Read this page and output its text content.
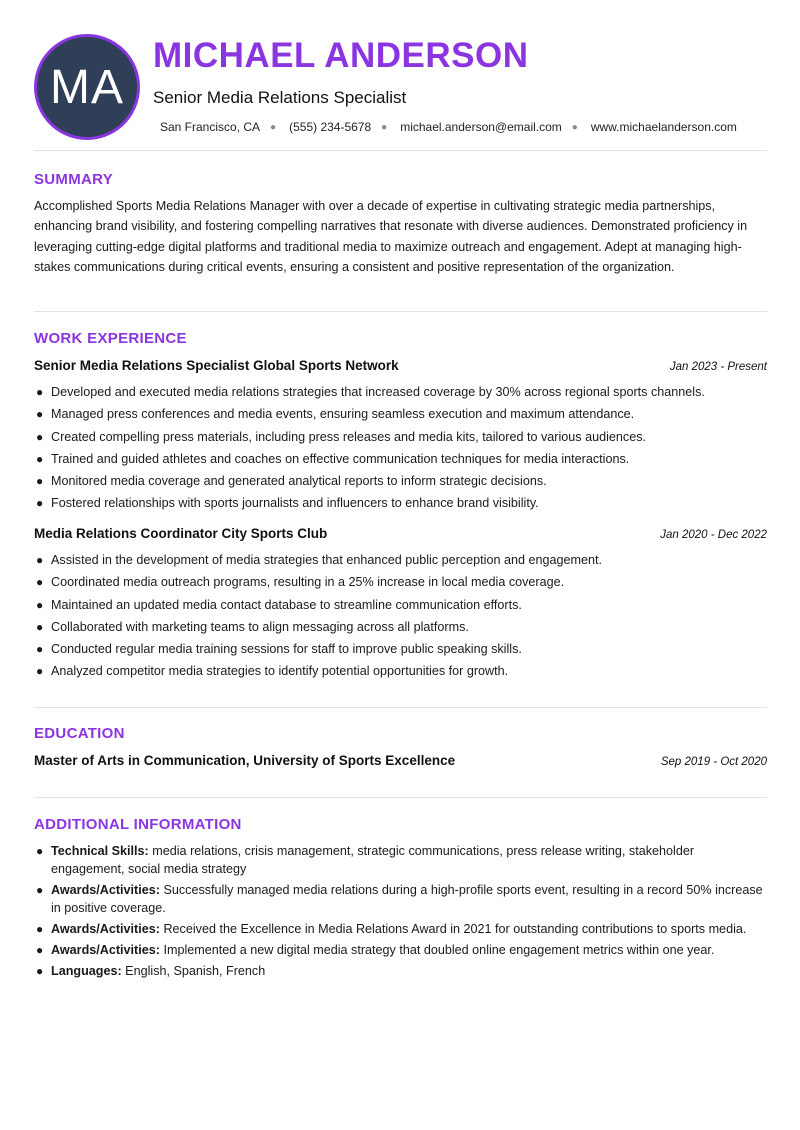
MA
MICHAEL ANDERSON
Senior Media Relations Specialist
San Francisco, CA ● (555) 234-5678 ● michael.anderson@email.com ● www.michaelanderson.com
SUMMARY

Accomplished Sports Media Relations Manager with over a decade of expertise in cultivating strategic media partnerships, enhancing brand visibility, and fostering compelling narratives that resonate with diverse audiences. Demonstrated proficiency in leveraging cutting-edge digital platforms and traditional media to maximize outreach and engagement. Adept at managing high-stakes communications during critical events, ensuring a consistent and positive representation of the organization.

WORK EXPERIENCE
Senior Media Relations Specialist Global Sports Network	Jan 2023 - Present
● Developed and executed media relations strategies that increased coverage by 30% across regional sports channels.
● Managed press conferences and media events, ensuring seamless execution and maximum attendance.
● Created compelling press materials, including press releases and media kits, tailored to various audiences.
● Trained and guided athletes and coaches on effective communication techniques for media interactions.
● Monitored media coverage and generated analytical reports to inform strategic decisions.
● Fostered relationships with sports journalists and influencers to enhance brand visibility.
Media Relations Coordinator City Sports Club	Jan 2020 - Dec 2022
● Assisted in the development of media strategies that enhanced public perception and engagement.
● Coordinated media outreach programs, resulting in a 25% increase in local media coverage.
● Maintained an updated media contact database to streamline communication efforts.
● Collaborated with marketing teams to align messaging across all platforms.
● Conducted regular media training sessions for staff to improve public speaking skills.
● Analyzed competitor media strategies to identify potential opportunities for growth.
EDUCATION
Master of Arts in Communication, University of Sports Excellence	Sep 2019 - Oct 2020
ADDITIONAL INFORMATION
● Technical Skills: media relations, crisis management, strategic communications, press release writing, stakeholder engagement, social media strategy
● Awards/Activities: Successfully managed media relations during a high-profile sports event, resulting in a record 50% increase in positive coverage.
● Awards/Activities: Received the Excellence in Media Relations Award in 2021 for outstanding contributions to sports media.
● Awards/Activities: Implemented a new digital media strategy that doubled online engagement metrics within one year.
● Languages: English, Spanish, French
